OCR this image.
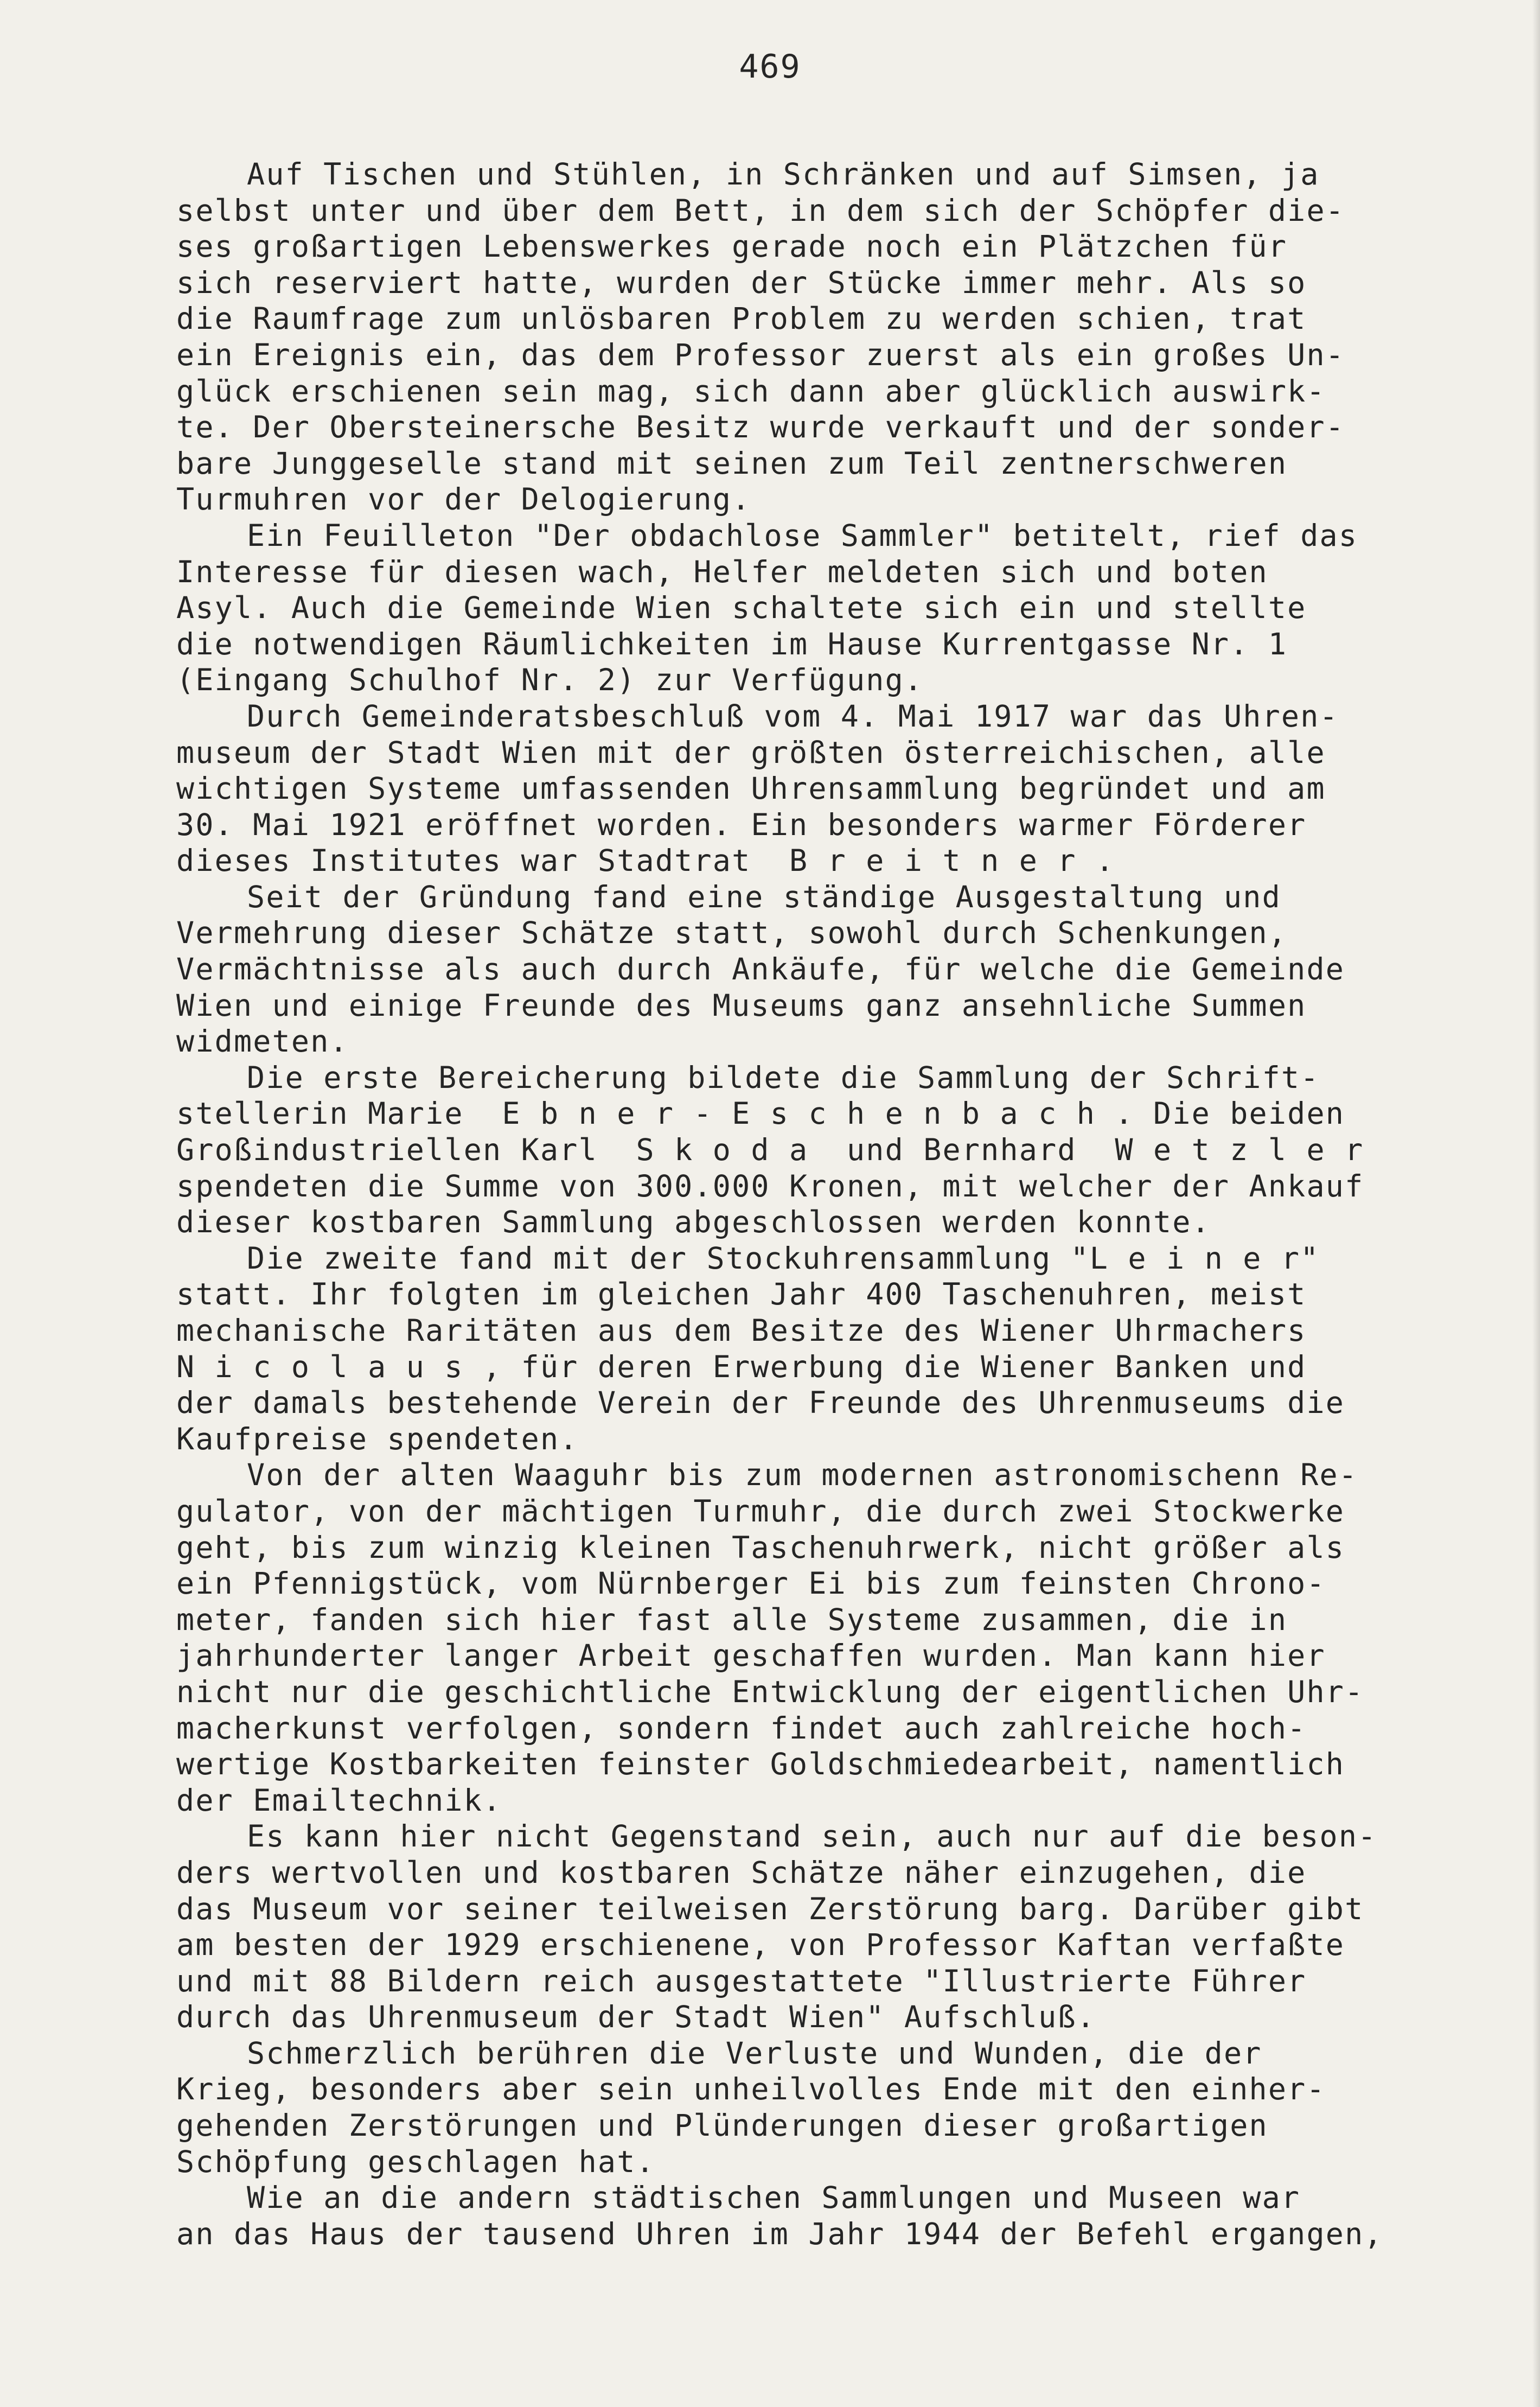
469
Auf Tischen und Stühlen, in Schränken und auf Simsen, ja
selbst unter und über dem Bett, in dem sich der Schöpfer die-
ses großartigen Lebenswerkes gerade noch ein Plätzchen für
sich reserviert hatte, wurden der Stücke immer mehr. Als so
die Raumfrage zum unlösbaren Problem zu werden schien, trat
ein Ereignis ein, das dem Professor zuerst als ein großes Un-
glück erschienen sein mag, sich dann aber glücklich auswirk-
te. Der Obersteinersche Besitz wurde verkauft und der sonder-
bare Junggeselle stand mit seinen zum Teil zentnerschweren
Turmuhren vor der Delogierung.
Ein Feuilleton "Der obdachlose Sammler" betitelt, rief das
Interesse für diesen wach, Helfer meldeten sich und boten
Asyl. Auch die Gemeinde Wien schaltete sich ein und stellte
die notwendigen Räumlichkeiten im Hause Kurrentgasse Nr. 1
(Eingang Schulhof Nr. 2) zur Verfügung.
Durch Gemeinderatsbeschluß vom 4. Mai 1917 war das Uhren-
museum der Stadt Wien mit der größten österreichischen, alle
wichtigen Systeme umfassenden Uhrensammlung begründet und am
30. Mai 1921 eröffnet worden. Ein besonders warmer Förderer
dieses Institutes war Stadtrat  B r e i t n e r .
Seit der Gründung fand eine ständige Ausgestaltung und
Vermehrung dieser Schätze statt, sowohl durch Schenkungen,
Vermächtnisse als auch durch Ankäufe, für welche die Gemeinde
Wien und einige Freunde des Museums ganz ansehnliche Summen
widmeten.
Die erste Bereicherung bildete die Sammlung der Schrift-
stellerin Marie  E b n e r - E s c h e n b a c h . Die beiden
Großindustriellen Karl  S k o d a  und Bernhard  W e t z l e r
spendeten die Summe von 300.000 Kronen, mit welcher der Ankauf
dieser kostbaren Sammlung abgeschlossen werden konnte.
Die zweite fand mit der Stockuhrensammlung "L e i n e r"
statt. Ihr folgten im gleichen Jahr 400 Taschenuhren, meist
mechanische Raritäten aus dem Besitze des Wiener Uhrmachers
N i c o l a u s , für deren Erwerbung die Wiener Banken und
der damals bestehende Verein der Freunde des Uhrenmuseums die
Kaufpreise spendeten.
Von der alten Waaguhr bis zum modernen astronomischenn Re-
gulator, von der mächtigen Turmuhr, die durch zwei Stockwerke
geht, bis zum winzig kleinen Taschenuhrwerk, nicht größer als
ein Pfennigstück, vom Nürnberger Ei bis zum feinsten Chrono-
meter, fanden sich hier fast alle Systeme zusammen, die in
jahrhunderter langer Arbeit geschaffen wurden. Man kann hier
nicht nur die geschichtliche Entwicklung der eigentlichen Uhr-
macherkunst verfolgen, sondern findet auch zahlreiche hoch-
wertige Kostbarkeiten feinster Goldschmiedearbeit, namentlich
der Emailtechnik.
Es kann hier nicht Gegenstand sein, auch nur auf die beson-
ders wertvollen und kostbaren Schätze näher einzugehen, die
das Museum vor seiner teilweisen Zerstörung barg. Darüber gibt
am besten der 1929 erschienene, von Professor Kaftan verfaßte
und mit 88 Bildern reich ausgestattete "Illustrierte Führer
durch das Uhrenmuseum der Stadt Wien" Aufschluß.
Schmerzlich berühren die Verluste und Wunden, die der
Krieg, besonders aber sein unheilvolles Ende mit den einher-
gehenden Zerstörungen und Plünderungen dieser großartigen
Schöpfung geschlagen hat.
Wie an die andern städtischen Sammlungen und Museen war
an das Haus der tausend Uhren im Jahr 1944 der Befehl ergangen,
